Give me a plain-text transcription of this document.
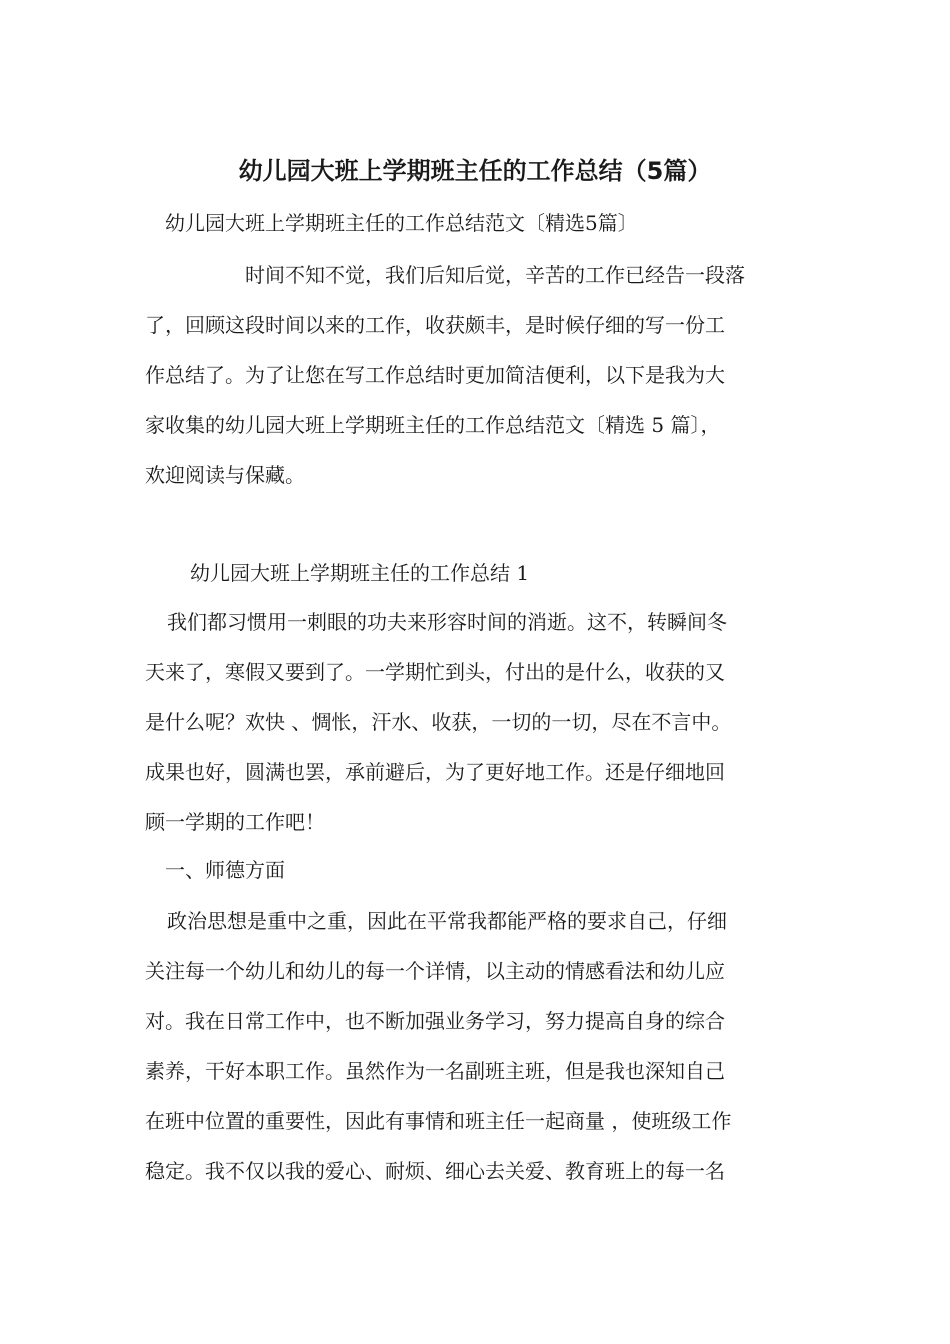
幼儿园大班上学期班主任的工作总结（5篇）
幼儿园大班上学期班主任的工作总结范文〔精选5篇〕
时间不知不觉，我们后知后觉，辛苦的工作已经告一段落
了，回顾这段时间以来的工作，收获颇丰，是时候仔细的写一份工
作总结了。为了让您在写工作总结时更加简洁便利，以下是我为大
家收集的幼儿园大班上学期班主任的工作总结范文〔精选 5 篇〕，
欢迎阅读与保藏。
幼儿园大班上学期班主任的工作总结 1
我们都习惯用一刺眼的功夫来形容时间的消逝。这不，转瞬间冬
天来了，寒假又要到了。一学期忙到头，付出的是什么，收获的又
是什么呢？欢快 、惆怅，汗水、收获，一切的一切，尽在不言中。
成果也好，圆满也罢，承前避后，为了更好地工作。还是仔细地回
顾一学期的工作吧！
一、师德方面
政治思想是重中之重，因此在平常我都能严格的要求自己，仔细
关注每一个幼儿和幼儿的每一个详情，以主动的情感看法和幼儿应
对。我在日常工作中，也不断加强业务学习，努力提高自身的综合
素养，干好本职工作。虽然作为一名副班主班，但是我也深知自己
在班中位置的重要性，因此有事情和班主任一起商量 ，使班级工作
稳定。我不仅以我的爱心、耐烦、细心去关爱、教育班上的每一名
